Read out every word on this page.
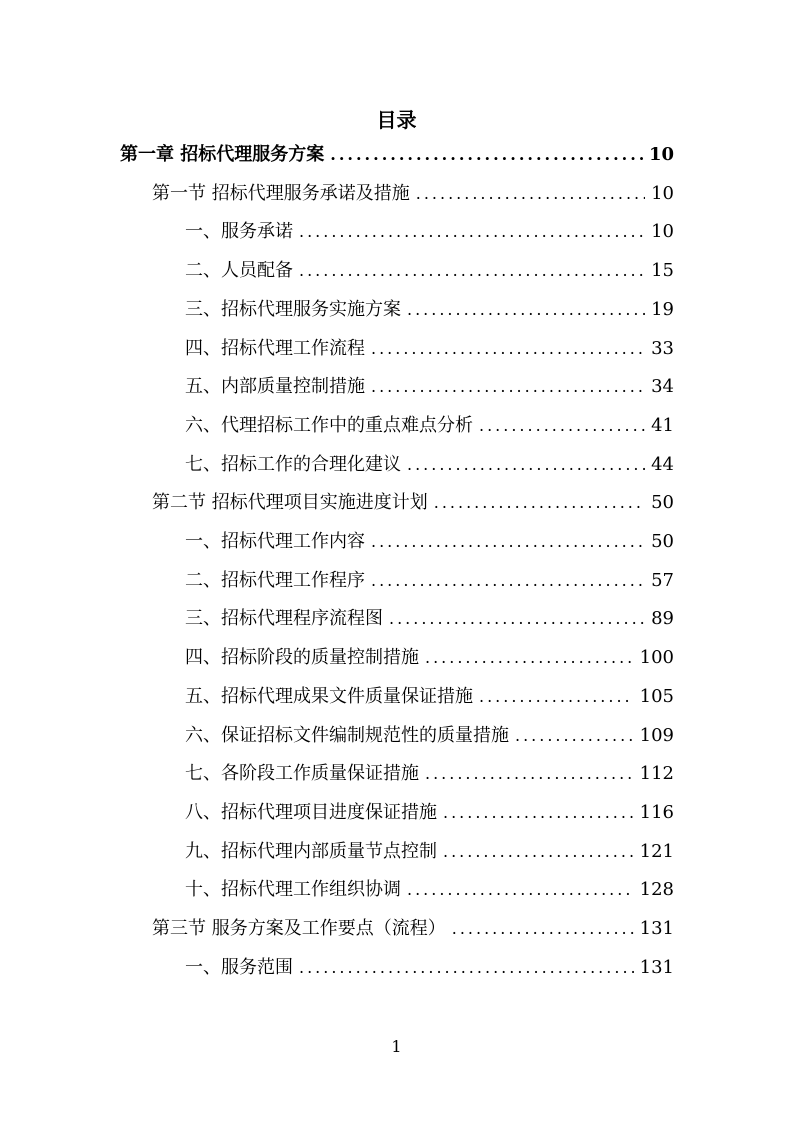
目录
第一章 招标代理服务方案 .....	10
第一节 招标代理服务承诺及措施 .....	10
一、服务承诺 .....	10
二、人员配备 .....	15
三、招标代理服务实施方案 .....	19
四、招标代理工作流程 .....	33
五、内部质量控制措施 .....	34
六、代理招标工作中的重点难点分析 .....	41
七、招标工作的合理化建议 .....	44
第二节 招标代理项目实施进度计划 .....	50
一、招标代理工作内容 .....	50
二、招标代理工作程序 .....	57
三、招标代理程序流程图 .....	89
四、招标阶段的质量控制措施 .....	100
五、招标代理成果文件质量保证措施 .....	105
六、保证招标文件编制规范性的质量措施 .....	109
七、各阶段工作质量保证措施 .....	112
八、招标代理项目进度保证措施 .....	116
九、招标代理内部质量节点控制 .....	121
十、招标代理工作组织协调 .....	128
第三节 服务方案及工作要点（流程） .....	131
一、服务范围 .....	131
1
